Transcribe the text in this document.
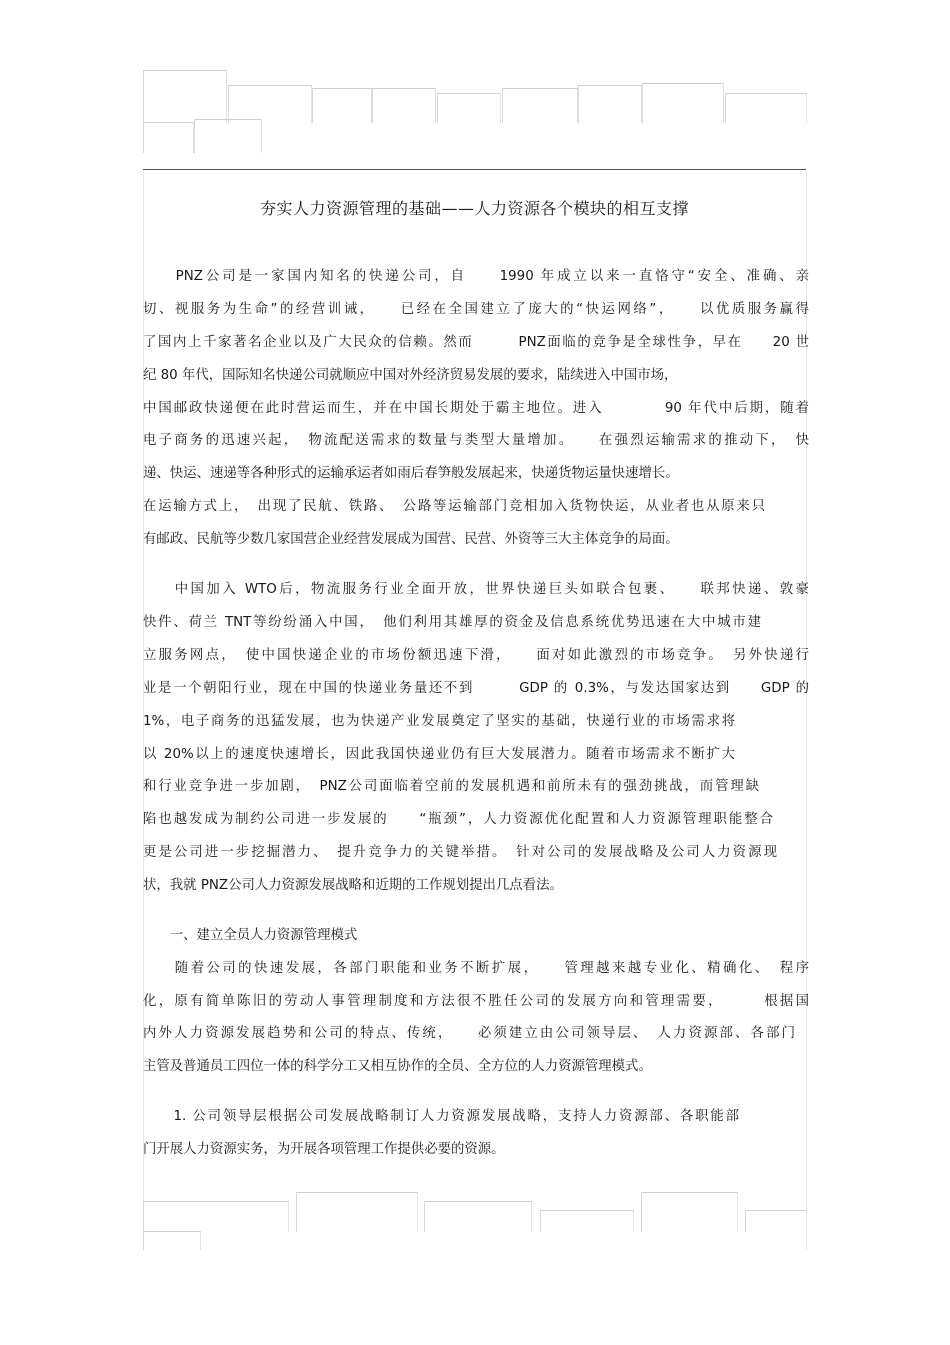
夯实人力资源管理的基础——人力资源各个模块的相互支撑
　　PNZ公司是一家国内知名的快递公司，自　　1990 年成立以来一直恪守“安全、准确、亲
切、视服务为生命”的经营训诫，　　已经在全国建立了庞大的“快运网络”，　　以优质服务赢得
了国内上千家著名企业以及广大民众的信赖。然而　　　PNZ面临的竞争是全球性争，早在　　20 世
纪 80 年代，国际知名快递公司就顺应中国对外经济贸易发展的要求，陆续进入中国市场，
中国邮政快递便在此时营运而生，并在中国长期处于霸主地位。进入　　　　90 年代中后期，随着
电子商务的迅速兴起，　物流配送需求的数量与类型大量增加。　　在强烈运输需求的推动下，　快
递、快运、速递等各种形式的运输承运者如雨后春笋般发展起来，快递货物运量快速增长。
在运输方式上，　出现了民航、铁路、　公路等运输部门竞相加入货物快运，从业者也从原来只
有邮政、民航等少数几家国营企业经营发展成为国营、民营、外资等三大主体竞争的局面。
　　中国加入 WTO后，物流服务行业全面开放，世界快递巨头如联合包裹、　　联邦快递、敦豪
快件、荷兰 TNT等纷纷涌入中国，　他们利用其雄厚的资金及信息系统优势迅速在大中城市建
立服务网点，　使中国快递企业的市场份额迅速下滑，　　面对如此激烈的市场竞争。　另外快递行
业是一个朝阳行业，现在中国的快递业务量还不到　　　GDP 的 0.3%，与发达国家达到　　GDP 的
1%，电子商务的迅猛发展，也为快递产业发展奠定了坚实的基础，快递行业的市场需求将
以 20%以上的速度快速增长，因此我国快递业仍有巨大发展潜力。随着市场需求不断扩大
和行业竞争进一步加剧，　PNZ公司面临着空前的发展机遇和前所未有的强劲挑战，而管理缺
陷也越发成为制约公司进一步发展的　　“瓶颈”，人力资源优化配置和人力资源管理职能整合
更是公司进一步挖掘潜力、　提升竞争力的关键举措。　针对公司的发展战略及公司人力资源现
状，我就 PNZ公司人力资源发展战略和近期的工作规划提出几点看法。
　　一、建立全员人力资源管理模式
　　随着公司的快速发展，各部门职能和业务不断扩展，　　管理越来越专业化、精确化、　程序
化，原有简单陈旧的劳动人事管理制度和方法很不胜任公司的发展方向和管理需要，　　　根据国
内外人力资源发展趋势和公司的特点、传统，　　必须建立由公司领导层、　人力资源部、各部门
主管及普通员工四位一体的科学分工又相互协作的全员、全方位的人力资源管理模式。
　　1. 公司领导层根据公司发展战略制订人力资源发展战略，支持人力资源部、各职能部
门开展人力资源实务，为开展各项管理工作提供必要的资源。
